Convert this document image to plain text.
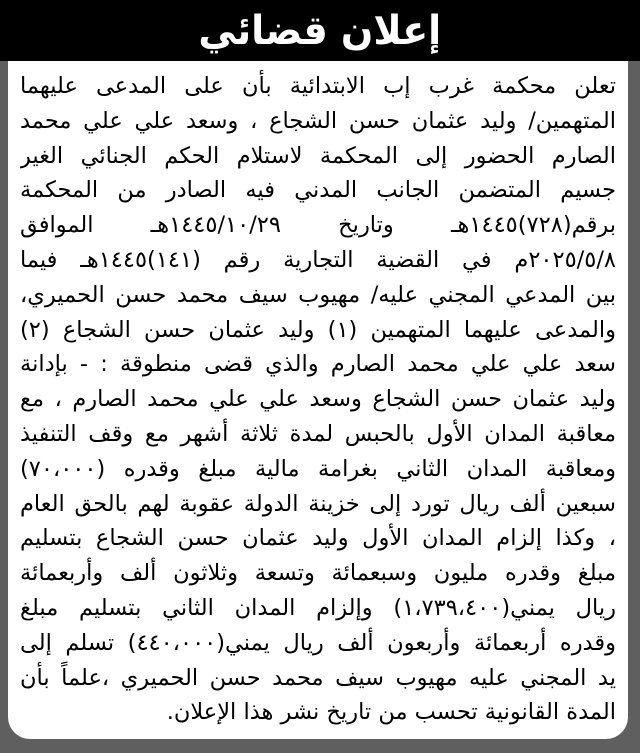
إعلان قضائي

تعلن محكمة غرب إب الابتدائية بأن على المدعى عليهما
المتهمين/ وليد عثمان حسن الشجاع ، وسعد علي علي محمد
الصارم الحضور إلى المحكمة لاستلام الحكم الجنائي الغير
جسيم المتضمن الجانب المدني فيه الصادر من المحكمة
برقم(٧٢٨)١٤٤٥هـ وتاريخ ١٤٤٥/١٠/٢٩هـ الموافق
٢٠٢٥/٥/٨م في القضية التجارية رقم (١٤١)١٤٤٥هـ فيما
بين المدعي المجني عليه/ مهيوب سيف محمد حسن الحميري،
والمدعى عليهما المتهمين (١) وليد عثمان حسن الشجاع (٢)
سعد علي علي محمد الصارم والذي قضى منطوقة : - بإدانة
وليد عثمان حسن الشجاع وسعد علي علي محمد الصارم ، مع
معاقبة المدان الأول بالحبس لمدة ثلاثة أشهر مع وقف التنفيذ
ومعاقبة المدان الثاني بغرامة مالية مبلغ وقدره (٧٠،٠٠٠)
سبعين ألف ريال تورد إلى خزينة الدولة عقوبة لهم بالحق العام
، وكذا إلزام المدان الأول وليد عثمان حسن الشجاع بتسليم
مبلغ وقدره مليون وسبعمائة وتسعة وثلاثون ألف وأربعمائة
ريال يمني(١،٧٣٩،٤٠٠) وإلزام المدان الثاني بتسليم مبلغ
وقدره أربعمائة وأربعون ألف ريال يمني(٤٤٠،٠٠٠) تسلم إلى
يد المجني عليه مهيوب سيف محمد حسن الحميري ،علماً بأن
المدة القانونية تحسب من تاريخ نشر هذا الإعلان.
